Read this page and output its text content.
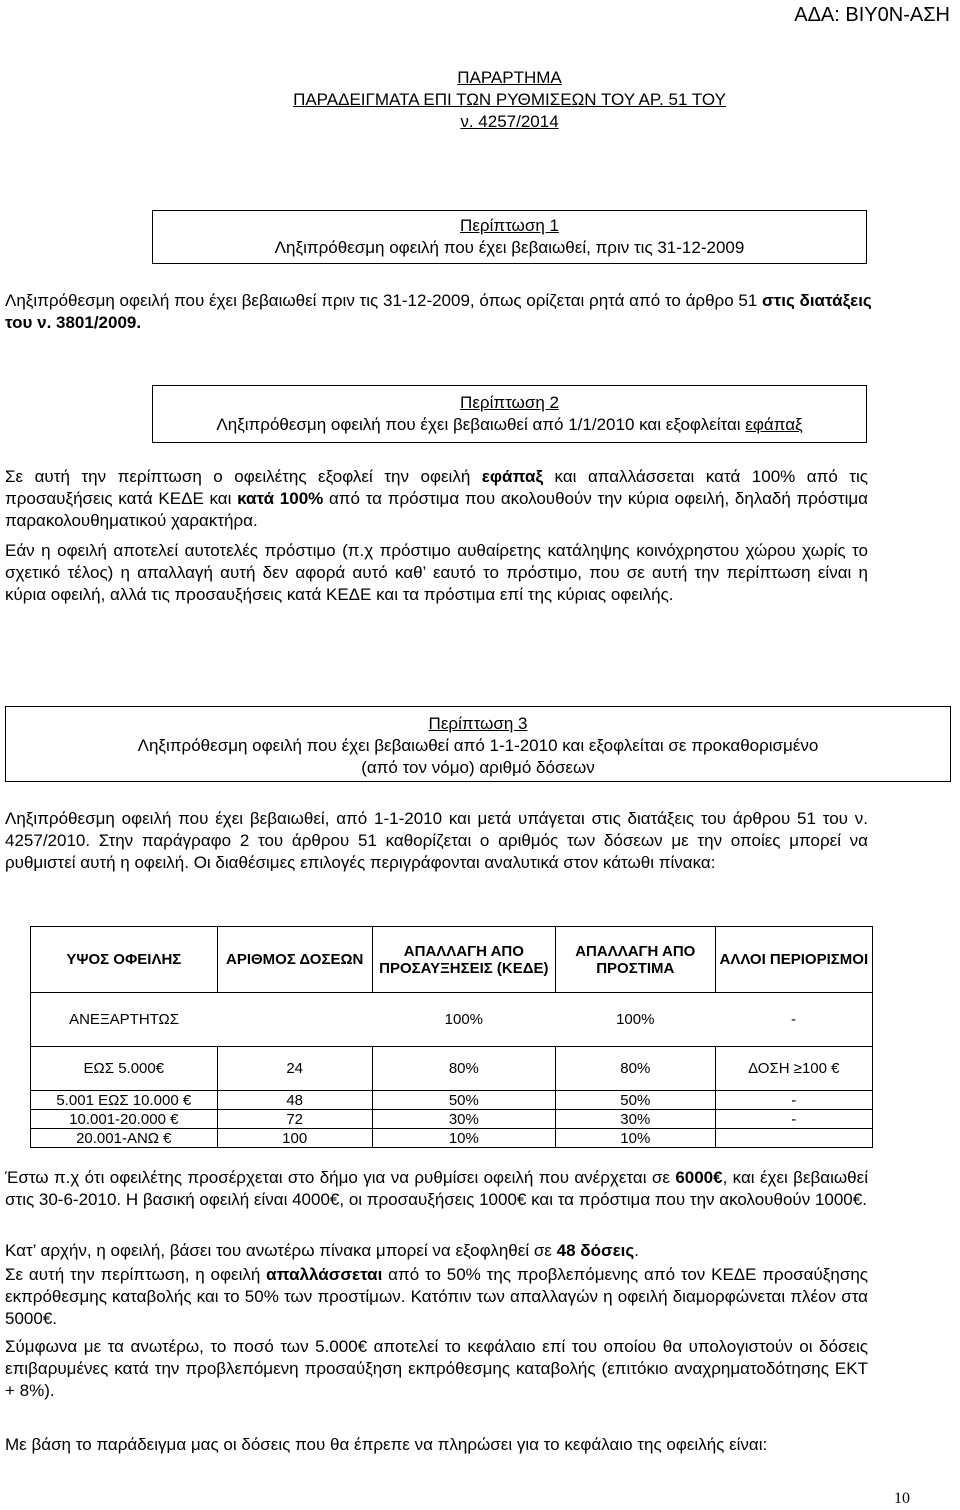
ΑΔΑ: ΒΙΥ0Ν-ΑΣΗ
ΠΑΡΑΡΤΗΜΑ
ΠΑΡΑΔΕΙΓΜΑΤΑ ΕΠΙ ΤΩΝ ΡΥΘΜΙΣΕΩΝ ΤΟΥ ΑΡ. 51 ΤΟΥ
ν. 4257/2014
Περίπτωση 1
Ληξιπρόθεσμη οφειλή που έχει βεβαιωθεί, πριν τις 31-12-2009
Ληξιπρόθεσμη οφειλή που έχει βεβαιωθεί πριν τις 31-12-2009, όπως ορίζεται ρητά από το άρθρο 51 στις διατάξεις του ν. 3801/2009.
Περίπτωση 2
Ληξιπρόθεσμη οφειλή που έχει βεβαιωθεί από 1/1/2010 και εξοφλείται εφάπαξ
Σε αυτή την περίπτωση ο οφειλέτης εξοφλεί την οφειλή εφάπαξ και απαλλάσσεται κατά 100% από τις προσαυξήσεις κατά ΚΕΔΕ και κατά 100% από τα πρόστιμα που ακολουθούν την κύρια οφειλή, δηλαδή πρόστιμα παρακολουθηματικού χαρακτήρα.
Εάν η οφειλή αποτελεί αυτοτελές πρόστιμο (π.χ πρόστιμο αυθαίρετης κατάληψης κοινόχρηστου χώρου χωρίς το σχετικό τέλος) η απαλλαγή αυτή δεν αφορά αυτό καθ’ εαυτό το πρόστιμο, που σε αυτή την περίπτωση είναι η κύρια οφειλή, αλλά τις προσαυξήσεις κατά ΚΕΔΕ και τα πρόστιμα επί της κύριας οφειλής.
Περίπτωση 3
Ληξιπρόθεσμη οφειλή που έχει βεβαιωθεί από 1-1-2010 και εξοφλείται σε προκαθορισμένο
(από τον νόμο) αριθμό δόσεων
Ληξιπρόθεσμη οφειλή που έχει βεβαιωθεί, από 1-1-2010 και μετά υπάγεται στις διατάξεις του άρθρου 51 του ν. 4257/2010. Στην παράγραφο 2 του άρθρου 51 καθορίζεται ο αριθμός των δόσεων με την οποίες μπορεί να ρυθμιστεί αυτή η οφειλή. Οι διαθέσιμες επιλογές περιγράφονται αναλυτικά στον κάτωθι πίνακα:
ΥΨΟΣ ΟΦΕΙΛΗΣ	ΑΡΙΘΜΟΣ ΔΟΣΕΩΝ	ΑΠΑΛΛΑΓΗ ΑΠΟ ΠΡΟΣΑΥΞΗΣΕΙΣ (ΚΕΔΕ)	ΑΠΑΛΛΑΓΗ ΑΠΟ ΠΡΟΣΤΙΜΑ	ΑΛΛΟΙ ΠΕΡΙΟΡΙΣΜΟΙ
ΑΝΕΞΑΡΤΗΤΩΣ		100%	100%	-
ΕΩΣ 5.000€	24	80%	80%	ΔΟΣΗ ≥100 €
5.001 ΕΩΣ 10.000 €	48	50%	50%	-
10.001-20.000 €	72	30%	30%	-
20.001-ΑΝΩ €	100	10%	10%	
Έστω π.χ ότι οφειλέτης προσέρχεται στο δήμο για να ρυθμίσει οφειλή που ανέρχεται σε 6000€, και έχει βεβαιωθεί στις 30-6-2010. Η βασική οφειλή είναι 4000€, οι προσαυξήσεις 1000€ και τα πρόστιμα που την ακολουθούν 1000€.
Κατ’ αρχήν, η οφειλή, βάσει του ανωτέρω πίνακα μπορεί να εξοφληθεί σε 48 δόσεις.
Σε αυτή την περίπτωση, η οφειλή απαλλάσσεται από το 50% της προβλεπόμενης από τον ΚΕΔΕ προσαύξησης εκπρόθεσμης καταβολής και το 50% των προστίμων. Κατόπιν των απαλλαγών η οφειλή διαμορφώνεται πλέον στα 5000€.
Σύμφωνα με τα ανωτέρω, το ποσό των 5.000€ αποτελεί το κεφάλαιο επί του οποίου θα υπολογιστούν οι δόσεις επιβαρυμένες κατά την προβλεπόμενη προσαύξηση εκπρόθεσμης καταβολής (επιτόκιο αναχρηματοδότησης ΕΚΤ + 8%).
Με βάση το παράδειγμα μας οι δόσεις που θα έπρεπε να πληρώσει για το κεφάλαιο της οφειλής είναι:
10
